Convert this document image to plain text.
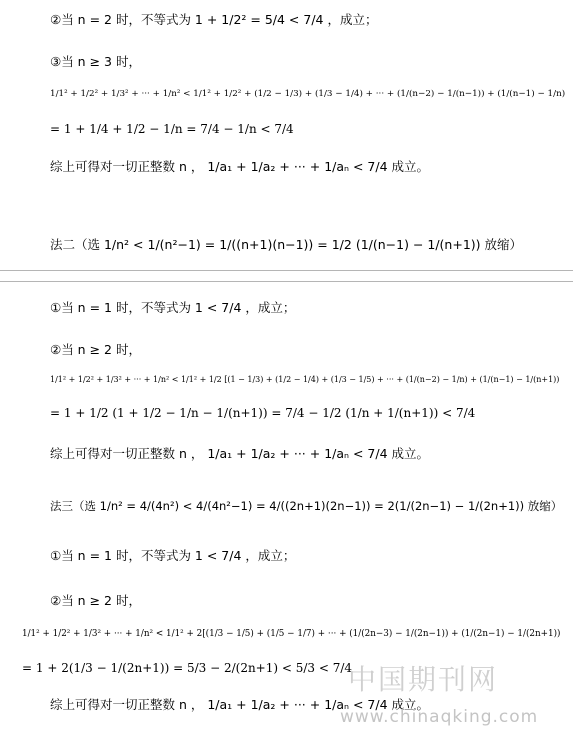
②当 n = 2 时，不等式为 1 + 1/2² = 5/4 < 7/4 ，成立；
③当 n ≥ 3 时，
1/1² + 1/2² + 1/3² + ··· + 1/n² < 1/1² + 1/2² + (1/2 − 1/3) + (1/3 − 1/4) + ··· + (1/(n−2) − 1/(n−1)) + (1/(n−1) − 1/n)
= 1 + 1/4 + 1/2 − 1/n = 7/4 − 1/n < 7/4
综上可得对一切正整数 n ， 1/a₁ + 1/a₂ + ··· + 1/aₙ < 7/4 成立。
法二（选 1/n² < 1/(n²−1) = 1/((n+1)(n−1)) = 1/2 (1/(n−1) − 1/(n+1)) 放缩）
①当 n = 1 时，不等式为 1 < 7/4 ，成立；
②当 n ≥ 2 时，
1/1² + 1/2² + 1/3² + ··· + 1/n² < 1/1² + 1/2 [(1 − 1/3) + (1/2 − 1/4) + (1/3 − 1/5) + ··· + (1/(n−2) − 1/n) + (1/(n−1) − 1/(n+1))
= 1 + 1/2 (1 + 1/2 − 1/n − 1/(n+1)) = 7/4 − 1/2 (1/n + 1/(n+1)) < 7/4
综上可得对一切正整数 n ， 1/a₁ + 1/a₂ + ··· + 1/aₙ < 7/4 成立。
法三（选 1/n² = 4/(4n²) < 4/(4n²−1) = 4/((2n+1)(2n−1)) = 2(1/(2n−1) − 1/(2n+1)) 放缩）
①当 n = 1 时，不等式为 1 < 7/4 ，成立；
②当 n ≥ 2 时，
1/1² + 1/2² + 1/3² + ··· + 1/n² < 1/1² + 2[(1/3 − 1/5) + (1/5 − 1/7) + ··· + (1/(2n−3) − 1/(2n−1)) + (1/(2n−1) − 1/(2n+1))
= 1 + 2(1/3 − 1/(2n+1)) = 5/3 − 2/(2n+1) < 5/3 < 7/4
综上可得对一切正整数 n ， 1/a₁ + 1/a₂ + ··· + 1/aₙ < 7/4 成立。
中国期刊网
www.chinaqking.com
